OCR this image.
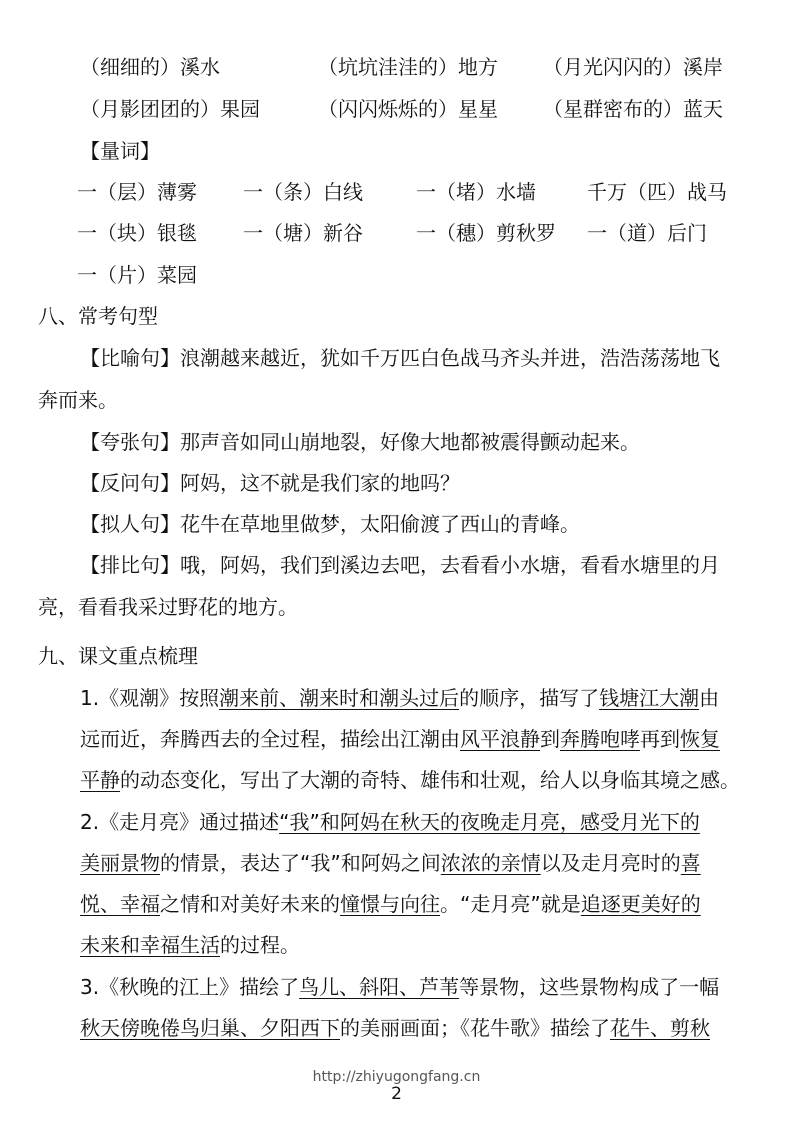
（细细的）溪水	（坑坑洼洼的）地方 （月光闪闪的）溪岸
（月影团团的）果园	（闪闪烁烁的）星星 （星群密布的）蓝天
【量词】
一（层）薄雾 一（条）白线	一（堵）水墙	千万（匹）战马
一（块）银毯 一（塘）新谷	一（穗）剪秋罗 一（道）后门
一（片）菜园
八、常考句型
【比喻句】浪潮越来越近，犹如千万匹白色战马齐头并进，浩浩荡荡地飞
奔而来。
【夸张句】那声音如同山崩地裂，好像大地都被震得颤动起来。
【反问句】阿妈，这不就是我们家的地吗？
【拟人句】花牛在草地里做梦，太阳偷渡了西山的青峰。
【排比句】哦，阿妈，我们到溪边去吧，去看看小水塘，看看水塘里的月
亮，看看我采过野花的地方。
九、课文重点梳理
1.《观潮》按照潮来前、潮来时和潮头过后的顺序，描写了钱塘江大潮由
远而近，奔腾西去的全过程，描绘出江潮由风平浪静到奔腾咆哮再到恢复
平静的动态变化，写出了大潮的奇特、雄伟和壮观，给人以身临其境之感。
2.《走月亮》通过描述“我”和阿妈在秋天的夜晚走月亮，感受月光下的
美丽景物的情景，表达了“我”和阿妈之间浓浓的亲情以及走月亮时的喜
悦、幸福之情和对美好未来的憧憬与向往。“走月亮”就是追逐更美好的
未来和幸福生活的过程。
3.《秋晚的江上》描绘了鸟儿、斜阳、芦苇等景物，这些景物构成了一幅
秋天傍晚倦鸟归巢、夕阳西下的美丽画面；《花牛歌》描绘了花牛、剪秋
http://zhiyugongfang.cn
2
